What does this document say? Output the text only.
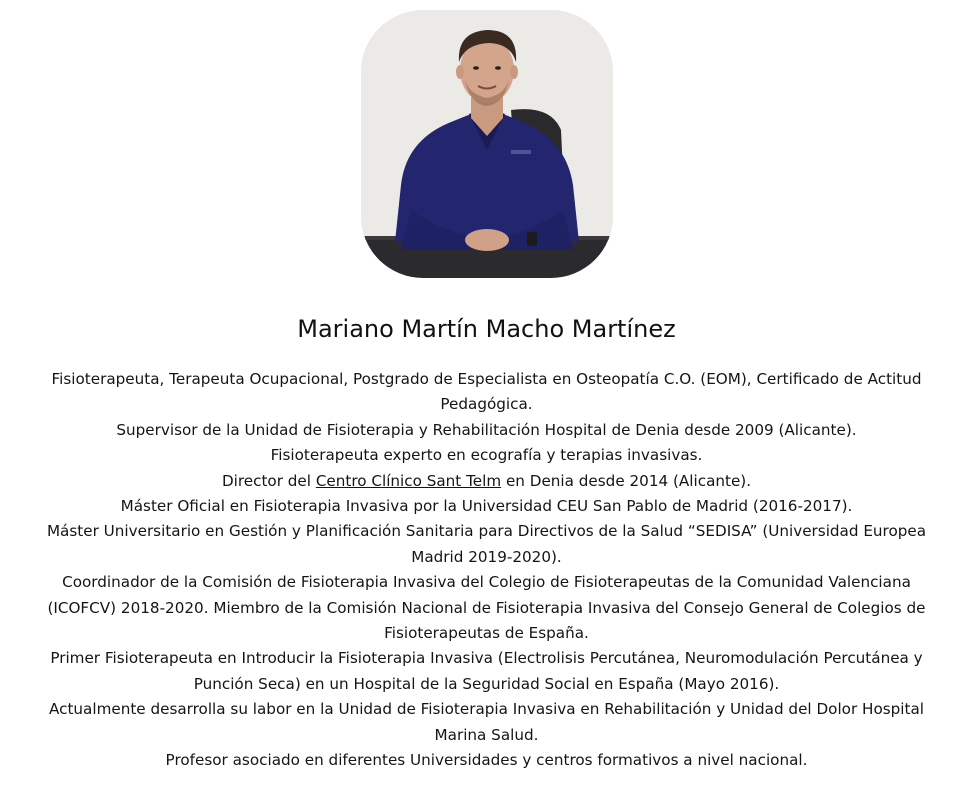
Mariano Martín Macho Martínez

Fisioterapeuta, Terapeuta Ocupacional, Postgrado de Especialista en Osteopatía C.O. (EOM), Certificado de Actitud Pedagógica.

Supervisor de la Unidad de Fisioterapia y Rehabilitación Hospital de Denia desde 2009 (Alicante).

Fisioterapeuta experto en ecografía y terapias invasivas.

Director del Centro Clínico Sant Telm en Denia desde 2014 (Alicante).

Máster Oficial en Fisioterapia Invasiva por la Universidad CEU San Pablo de Madrid (2016-2017).

Máster Universitario en Gestión y Planificación Sanitaria para Directivos de la Salud “SEDISA” (Universidad Europea Madrid 2019-2020).

Coordinador de la Comisión de Fisioterapia Invasiva del Colegio de Fisioterapeutas de la Comunidad Valenciana (ICOFCV) 2018-2020. Miembro de la Comisión Nacional de Fisioterapia Invasiva del Consejo General de Colegios de Fisioterapeutas de España.

Primer Fisioterapeuta en Introducir la Fisioterapia Invasiva (Electrolisis Percutánea, Neuromodulación Percutánea y Punción Seca) en un Hospital de la Seguridad Social en España (Mayo 2016).

Actualmente desarrolla su labor en la Unidad de Fisioterapia Invasiva en Rehabilitación y Unidad del Dolor Hospital Marina Salud.

Profesor asociado en diferentes Universidades y centros formativos a nivel nacional.
